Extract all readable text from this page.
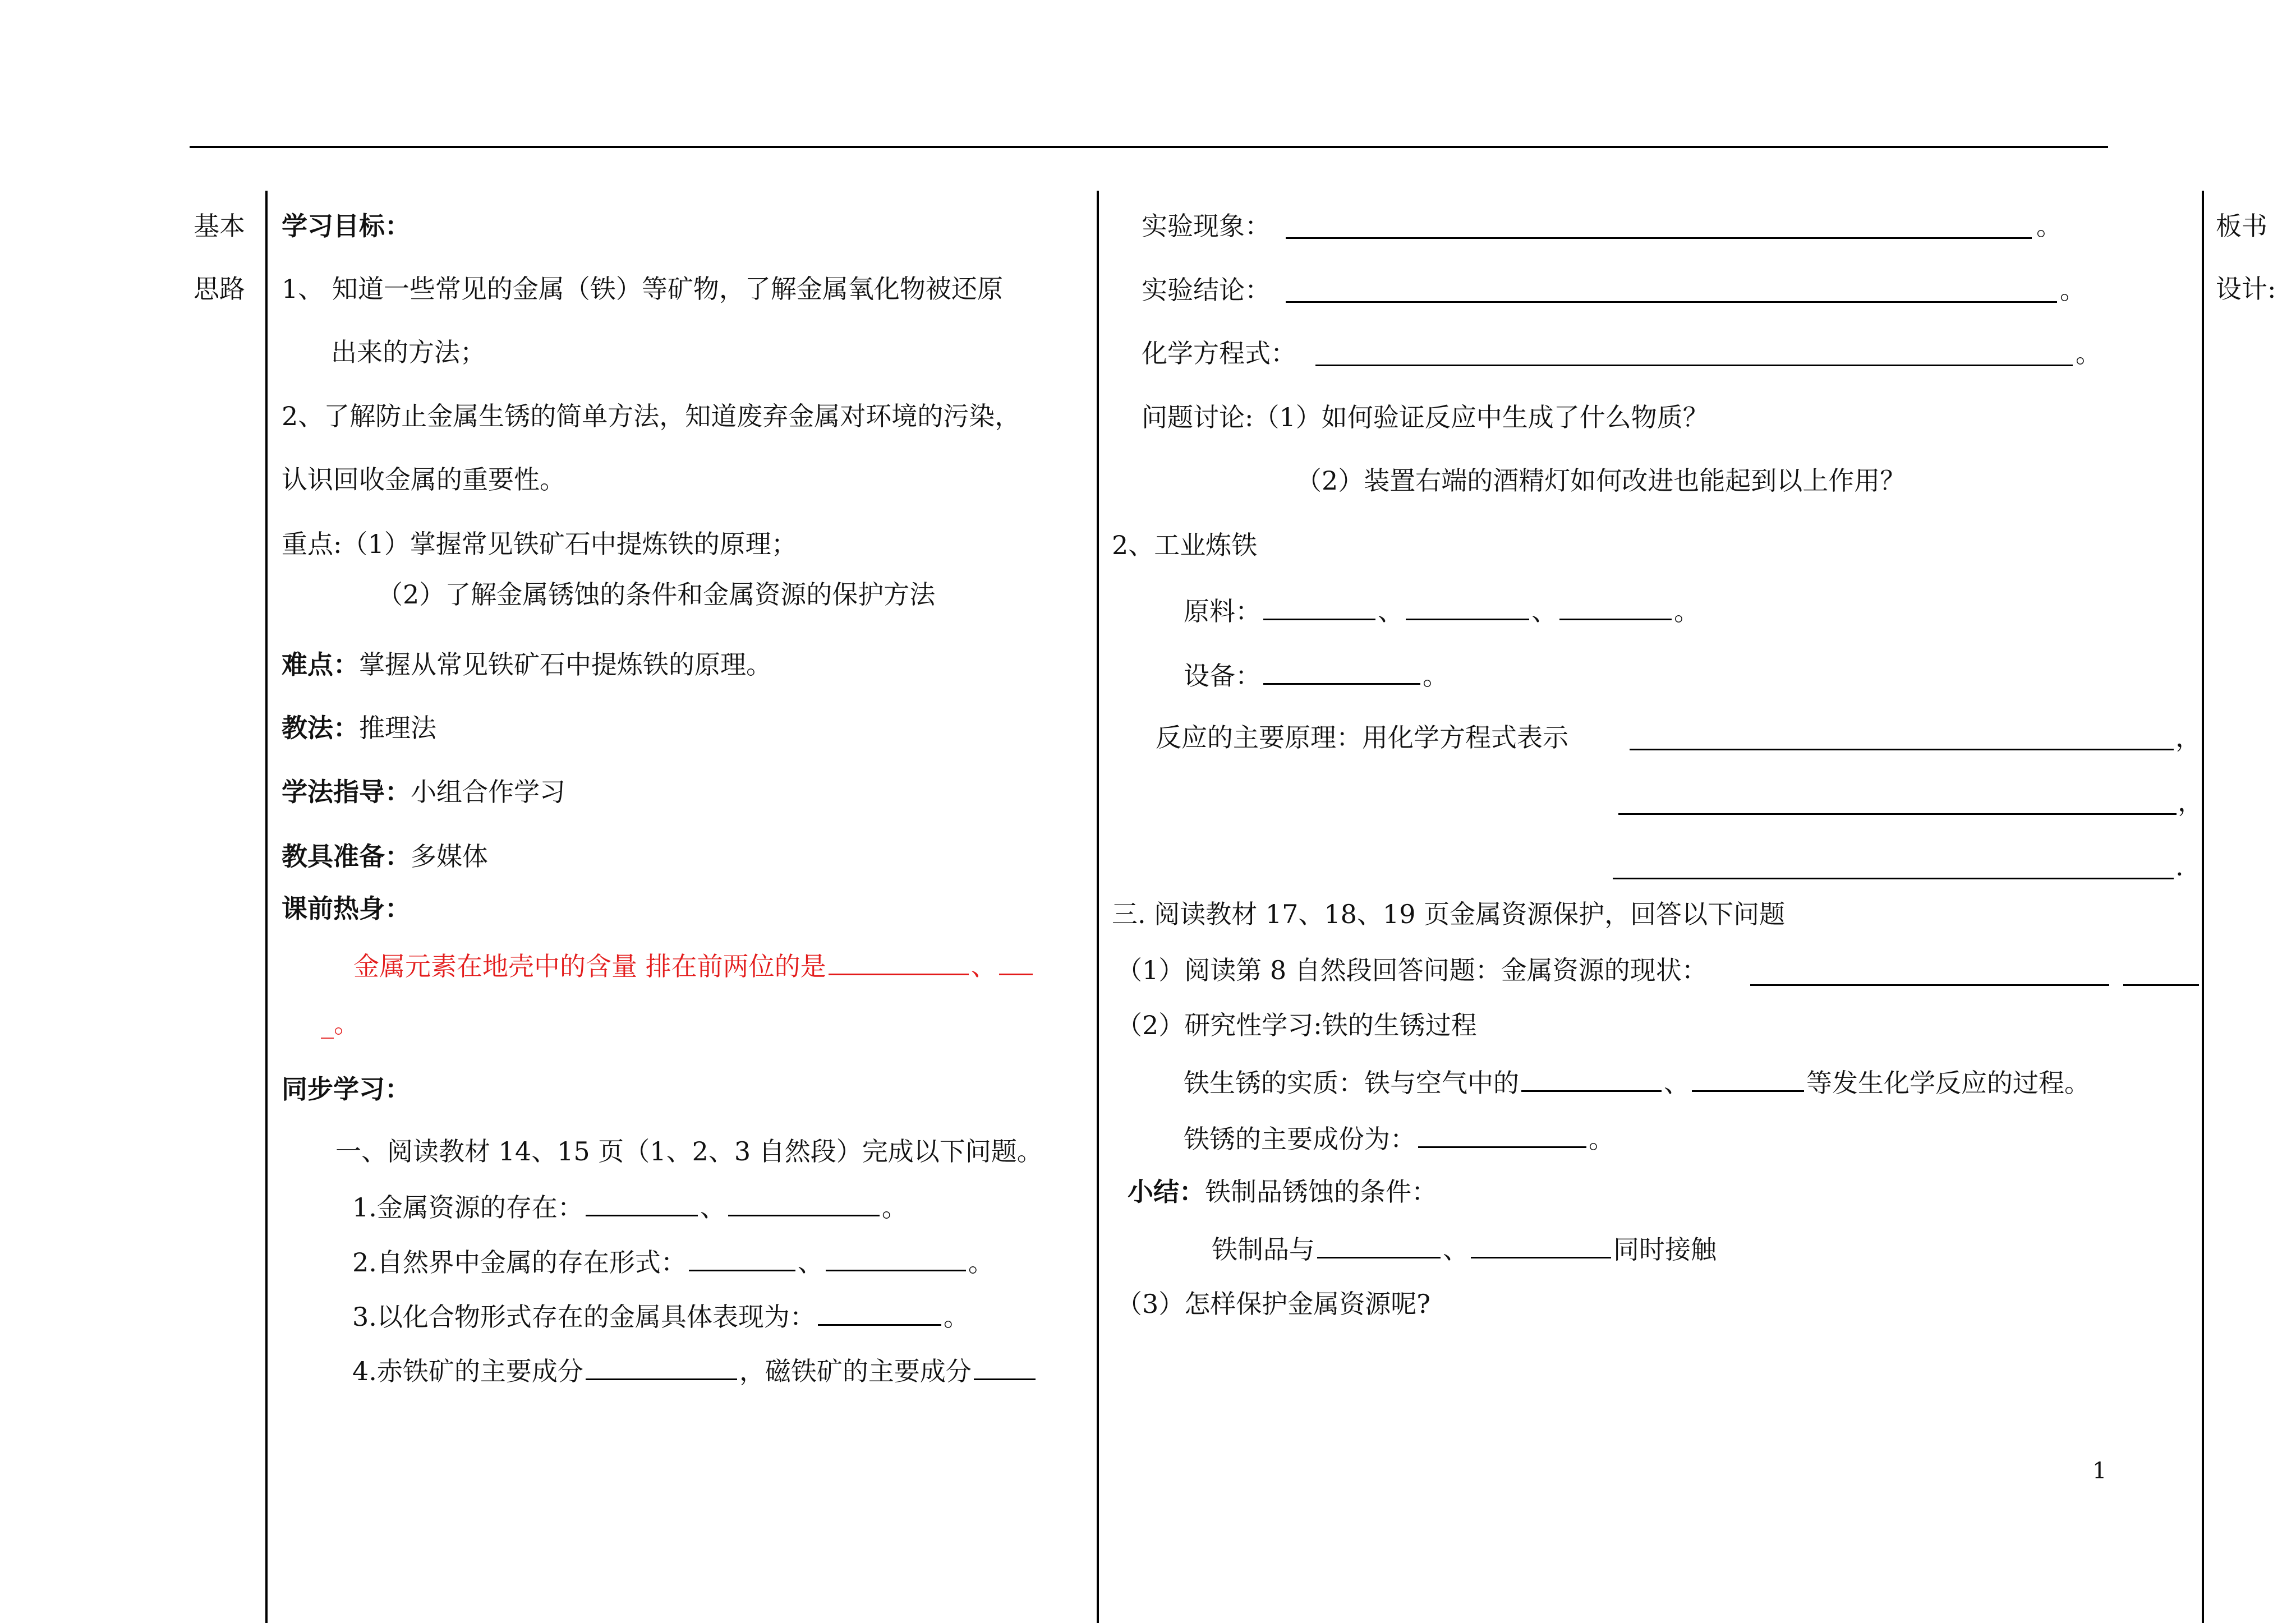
基本
思路
板书
设计:
学习目标：
1、 知道一些常见的金属（铁）等矿物，了解金属氧化物被还原
出来的方法；
2、了解防止金属生锈的简单方法，知道废弃金属对环境的污染，
认识回收金属的重要性。
重点:（1）掌握常见铁矿石中提炼铁的原理；
（2）了解金属锈蚀的条件和金属资源的保护方法
难点：掌握从常见铁矿石中提炼铁的原理。
教法：推理法
学法指导：小组合作学习
教具准备：多媒体
课前热身：
金属元素在地壳中的含量 排在前两位的是	、
_。
同步学习：
一、阅读教材 14、15 页（1、2、3 自然段）完成以下问题。
1.金属资源的存在：	、	。
2.自然界中金属的存在形式：	、	。
3.以化合物形式存在的金属具体表现为：	。
4.赤铁矿的主要成分	，磁铁矿的主要成分
实验现象：	。
实验结论：	。
化学方程式：	。
问题讨论:（1）如何验证反应中生成了什么物质？
（2）装置右端的酒精灯如何改进也能起到以上作用？
2、工业炼铁
原料：	、	、	。
设备：	。
反应的主要原理：用化学方程式表示	，
，
.
三. 阅读教材 17、18、19 页金属资源保护，回答以下问题
（1）阅读第 8 自然段回答问题：金属资源的现状：
（2）研究性学习:铁的生锈过程
铁生锈的实质：铁与空气中的	、	等发生化学反应的过程。
铁锈的主要成份为：	。
小结：铁制品锈蚀的条件：
铁制品与	、	同时接触
（3）怎样保护金属资源呢?
1
